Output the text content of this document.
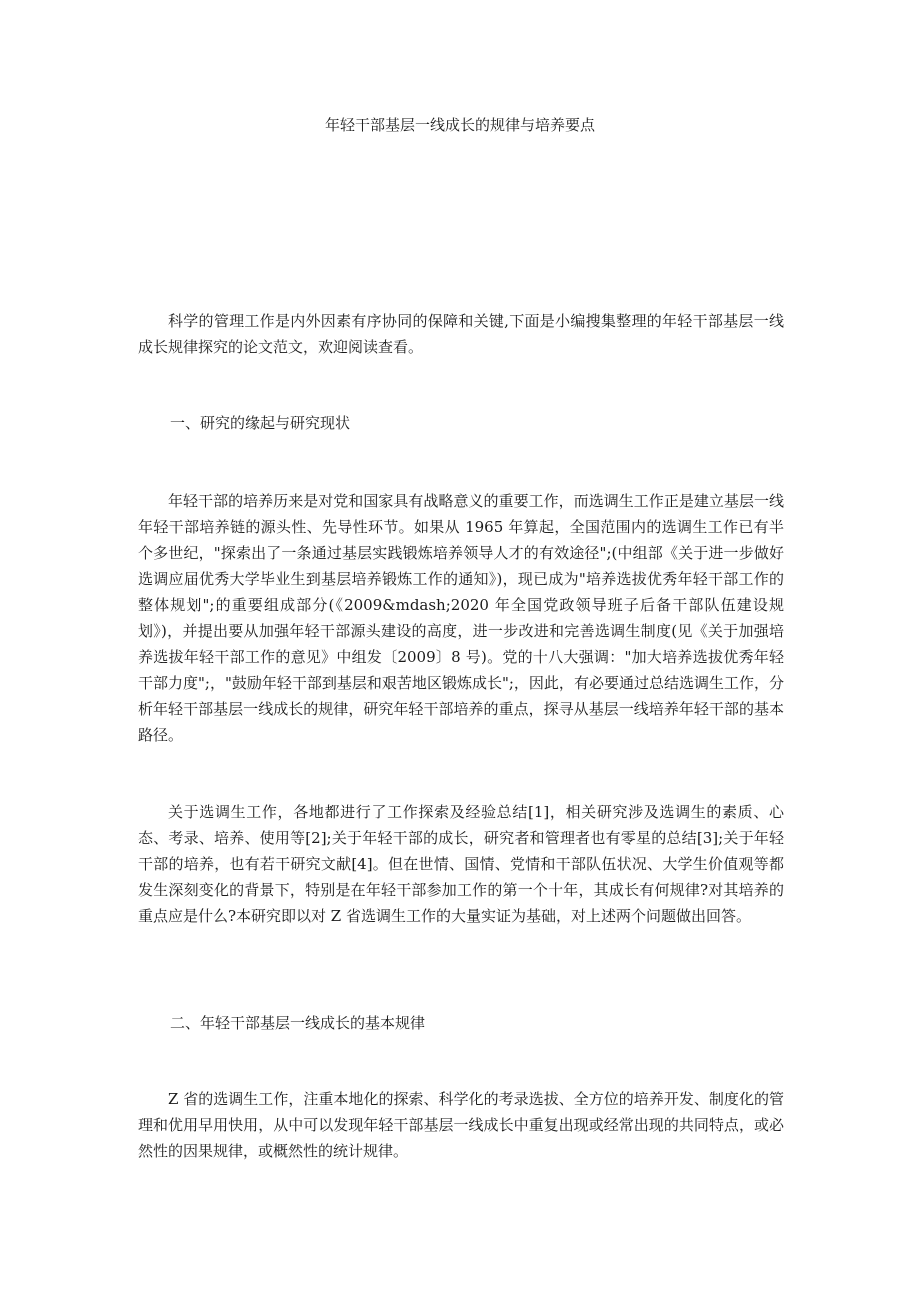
年轻干部基层一线成长的规律与培养要点

科学的管理工作是内外因素有序协同的保障和关键,下面是小编搜集整理的年轻干部基层一线成长规律探究的论文范文，欢迎阅读查看。

一、研究的缘起与研究现状

年轻干部的培养历来是对党和国家具有战略意义的重要工作，而选调生工作正是建立基层一线年轻干部培养链的源头性、先导性环节。如果从 1965 年算起，全国范围内的选调生工作已有半个多世纪，"探索出了一条通过基层实践锻炼培养领导人才的有效途径";(中组部《关于进一步做好选调应届优秀大学毕业生到基层培养锻炼工作的通知》)，现已成为"培养选拔优秀年轻干部工作的整体规划";的重要组成部分(《2009&mdash;2020 年全国党政领导班子后备干部队伍建设规划》)，并提出要从加强年轻干部源头建设的高度，进一步改进和完善选调生制度(见《关于加强培养选拔年轻干部工作的意见》中组发〔2009〕8 号)。党的十八大强调："加大培养选拔优秀年轻干部力度";，"鼓励年轻干部到基层和艰苦地区锻炼成长";，因此，有必要通过总结选调生工作，分析年轻干部基层一线成长的规律，研究年轻干部培养的重点，探寻从基层一线培养年轻干部的基本路径。

关于选调生工作，各地都进行了工作探索及经验总结[1]，相关研究涉及选调生的素质、心态、考录、培养、使用等[2];关于年轻干部的成长，研究者和管理者也有零星的总结[3];关于年轻干部的培养，也有若干研究文献[4]。但在世情、国情、党情和干部队伍状况、大学生价值观等都发生深刻变化的背景下，特别是在年轻干部参加工作的第一个十年，其成长有何规律?对其培养的重点应是什么?本研究即以对 Z 省选调生工作的大量实证为基础，对上述两个问题做出回答。

二、年轻干部基层一线成长的基本规律

Z 省的选调生工作，注重本地化的探索、科学化的考录选拔、全方位的培养开发、制度化的管理和优用早用快用，从中可以发现年轻干部基层一线成长中重复出现或经常出现的共同特点，或必然性的因果规律，或概然性的统计规律。
